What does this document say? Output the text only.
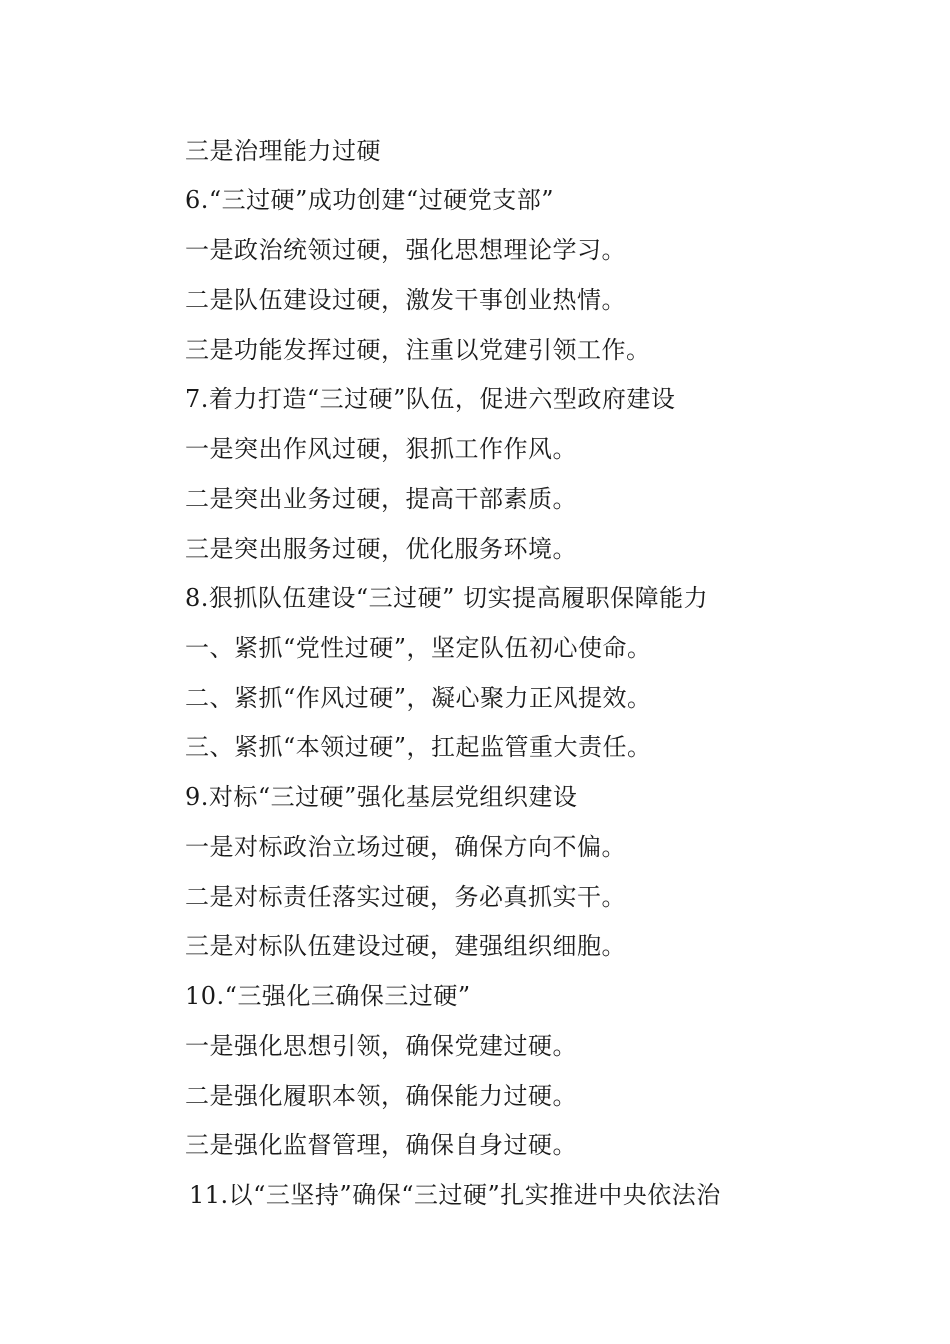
三是治理能力过硬
6.“三过硬”成功创建“过硬党支部”
一是政治统领过硬，强化思想理论学习。
二是队伍建设过硬，激发干事创业热情。
三是功能发挥过硬，注重以党建引领工作。
7.着力打造“三过硬”队伍，促进六型政府建设
一是突出作风过硬，狠抓工作作风。
二是突出业务过硬，提高干部素质。
三是突出服务过硬，优化服务环境。
8.狠抓队伍建设“三过硬” 切实提高履职保障能力
一、紧抓“党性过硬”，坚定队伍初心使命。
二、紧抓“作风过硬”，凝心聚力正风提效。
三、紧抓“本领过硬”，扛起监管重大责任。
9.对标“三过硬”强化基层党组织建设
一是对标政治立场过硬，确保方向不偏。
二是对标责任落实过硬，务必真抓实干。
三是对标队伍建设过硬，建强组织细胞。
10.“三强化三确保三过硬”
一是强化思想引领，确保党建过硬。
二是强化履职本领，确保能力过硬。
三是强化监督管理，确保自身过硬。
11.以“三坚持”确保“三过硬”扎实推进中央依法治
